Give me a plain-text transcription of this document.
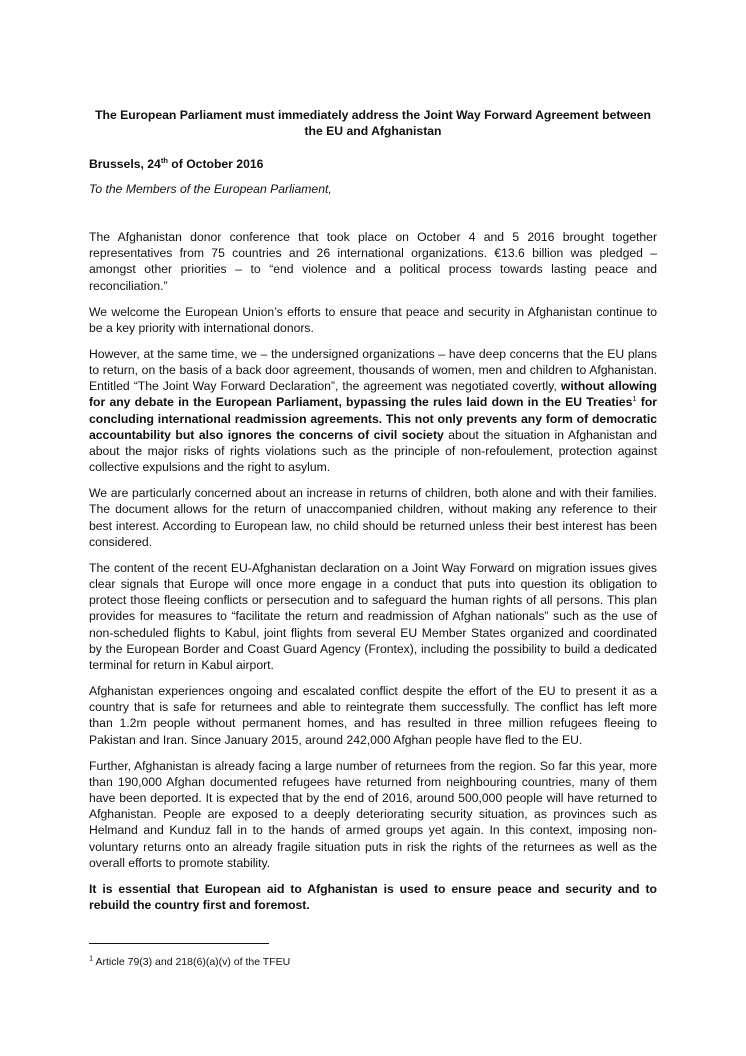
The European Parliament must immediately address the Joint Way Forward Agreement between the EU and Afghanistan

Brussels, 24th of October 2016

To the Members of the European Parliament,

The Afghanistan donor conference that took place on October 4 and 5 2016 brought together representatives from 75 countries and 26 international organizations. €13.6 billion was pledged – amongst other priorities – to “end violence and a political process towards lasting peace and reconciliation.”

We welcome the European Union’s efforts to ensure that peace and security in Afghanistan continue to be a key priority with international donors.

However, at the same time, we – the undersigned organizations – have deep concerns that the EU plans to return, on the basis of a back door agreement, thousands of women, men and children to Afghanistan. Entitled “The Joint Way Forward Declaration”, the agreement was negotiated covertly, without allowing for any debate in the European Parliament, bypassing the rules laid down in the EU Treaties$^1$ for concluding international readmission agreements. This not only prevents any form of democratic accountability but also ignores the concerns of civil society about the situation in Afghanistan and about the major risks of rights violations such as the principle of non-refoulement, protection against collective expulsions and the right to asylum.

We are particularly concerned about an increase in returns of children, both alone and with their families. The document allows for the return of unaccompanied children, without making any reference to their best interest. According to European law, no child should be returned unless their best interest has been considered.

The content of the recent EU-Afghanistan declaration on a Joint Way Forward on migration issues gives clear signals that Europe will once more engage in a conduct that puts into question its obligation to protect those fleeing conflicts or persecution and to safeguard the human rights of all persons. This plan provides for measures to “facilitate the return and readmission of Afghan nationals” such as the use of non-scheduled flights to Kabul, joint flights from several EU Member States organized and coordinated by the European Border and Coast Guard Agency (Frontex), including the possibility to build a dedicated terminal for return in Kabul airport.

Afghanistan experiences ongoing and escalated conflict despite the effort of the EU to present it as a country that is safe for returnees and able to reintegrate them successfully. The conflict has left more than 1.2m people without permanent homes, and has resulted in three million refugees fleeing to Pakistan and Iran. Since January 2015, around 242,000 Afghan people have fled to the EU.

Further, Afghanistan is already facing a large number of returnees from the region. So far this year, more than 190,000 Afghan documented refugees have returned from neighbouring countries, many of them have been deported. It is expected that by the end of 2016, around 500,000 people will have returned to Afghanistan. People are exposed to a deeply deteriorating security situation, as provinces such as Helmand and Kunduz fall in to the hands of armed groups yet again. In this context, imposing non-voluntary returns onto an already fragile situation puts in risk the rights of the returnees as well as the overall efforts to promote stability.

It is essential that European aid to Afghanistan is used to ensure peace and security and to rebuild the country first and foremost.

$^1$ Article 79(3) and 218(6)(a)(v) of the TFEU
